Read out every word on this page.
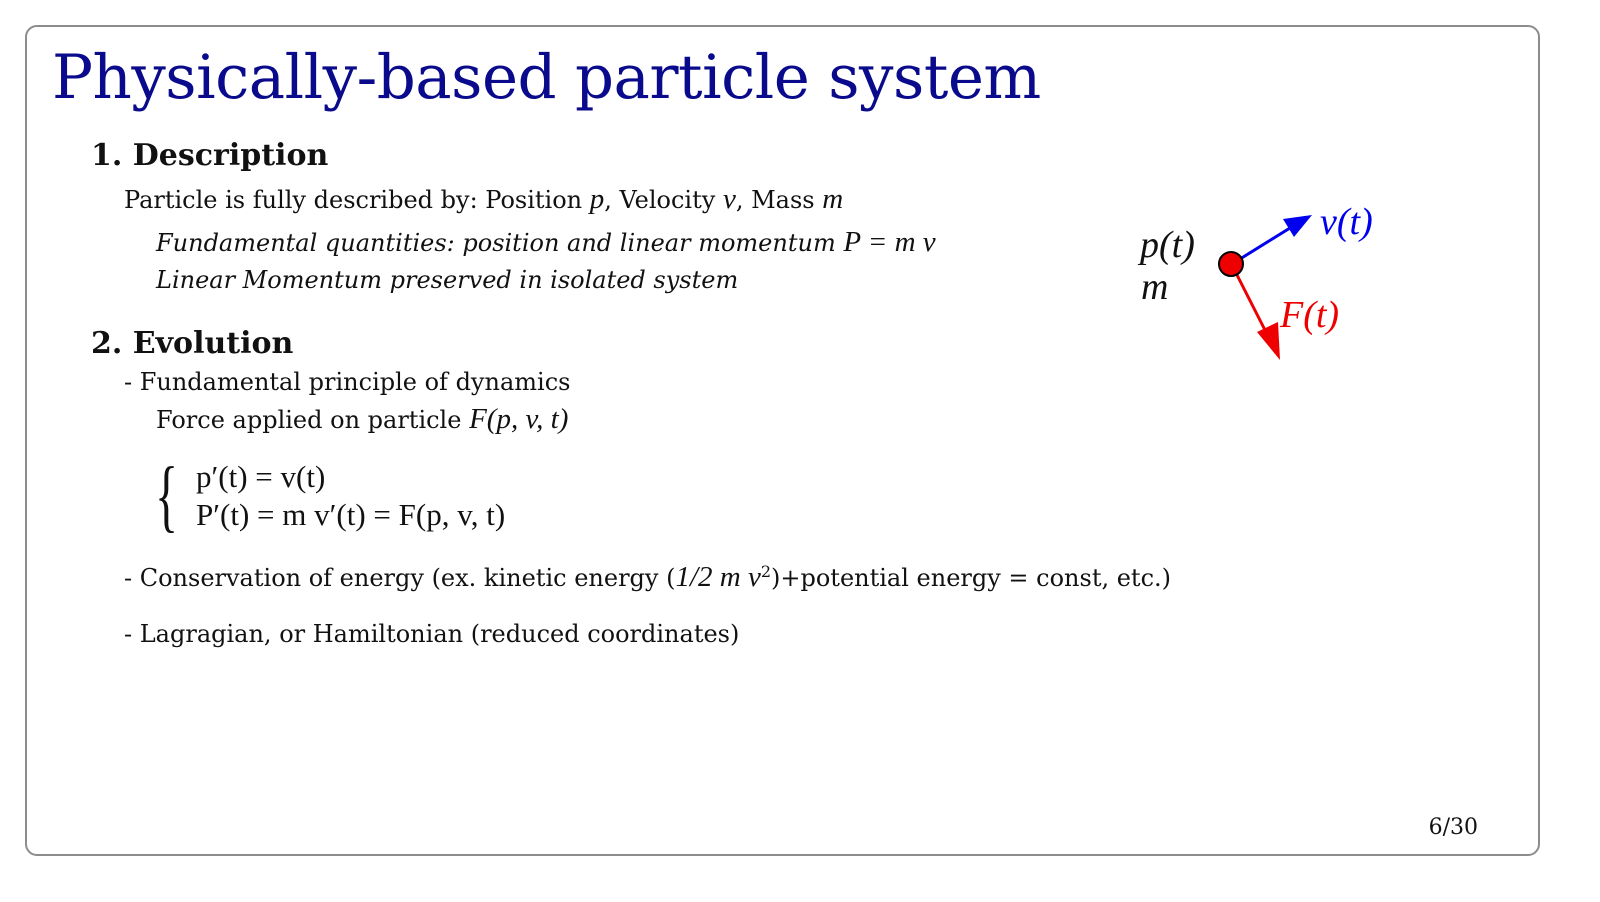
Physically-based particle system
1. Description
Particle is fully described by: Position p, Velocity v, Mass m
Fundamental quantities: position and linear momentum P = m v
Linear Momentum preserved in isolated system
2. Evolution
- Fundamental principle of dynamics
Force applied on particle F(p, v, t)
{ p′(t) = v(t)
P′(t) = m v′(t) = F(p, v, t)
- Conservation of energy (ex. kinetic energy (1/2 m $v^2)+potential$ energy = const, etc.)
- Lagragian, or Hamiltonian (reduced coordinates)
p(t)
m
v(t)
F(t)
6/30
